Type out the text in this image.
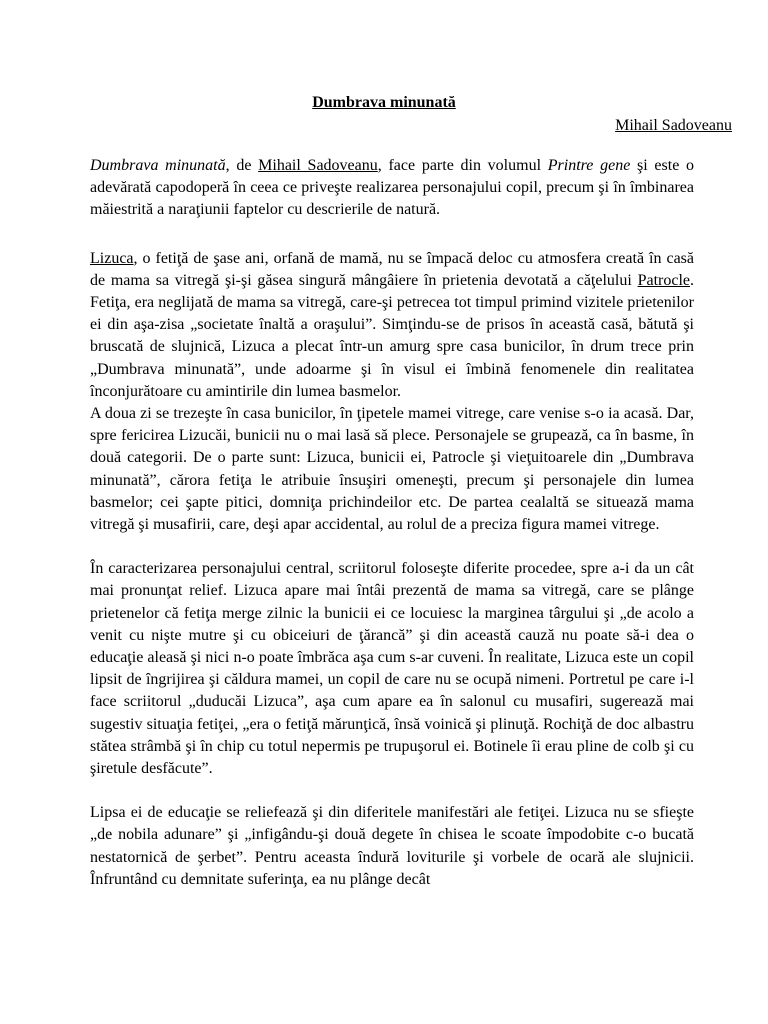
Dumbrava minunată
Mihail Sadoveanu

Dumbrava minunată, de Mihail Sadoveanu, face parte din volumul Printre gene şi este o adevărată capodoperă în ceea ce priveşte realizarea personajului copil, precum şi în îmbinarea măiestrită a naraţiunii faptelor cu descrierile de natură.

Lizuca, o fetiţă de şase ani, orfană de mamă, nu se împacă deloc cu atmosfera creată în casă de mama sa vitregă şi-şi găsea singură mângâiere în prietenia devotată a căţelului Patrocle. Fetiţa, era neglijată de mama sa vitregă, care-şi petrecea tot timpul primind vizitele prietenilor ei din aşa-zisa „societate înaltă a oraşului”. Simţindu-se de prisos în această casă, bătută şi bruscată de slujnică, Lizuca a plecat într-un amurg spre casa bunicilor, în drum trece prin „Dumbrava minunată”, unde adoarme şi în visul ei îmbină fenomenele din realitatea înconjurătoare cu amintirile din lumea basmelor.

A doua zi se trezeşte în casa bunicilor, în ţipetele mamei vitrege, care venise s-o ia acasă. Dar, spre fericirea Lizucăi, bunicii nu o mai lasă să plece. Personajele se grupează, ca în basme, în două categorii. De o parte sunt: Lizuca, bunicii ei, Patrocle şi vieţuitoarele din „Dumbrava minunată”, cărora fetiţa le atribuie însuşiri omeneşti, precum şi personajele din lumea basmelor; cei şapte pitici, domniţa prichindeilor etc. De partea cealaltă se situează mama vitregă şi musafirii, care, deşi apar accidental, au rolul de a preciza figura mamei vitrege.

În caracterizarea personajului central, scriitorul foloseşte diferite procedee, spre a-i da un cât mai pronunţat relief. Lizuca apare mai întâi prezentă de mama sa vitregă, care se plânge prietenelor că fetiţa merge zilnic la bunicii ei ce locuiesc la marginea târgului şi „de acolo a venit cu nişte mutre şi cu obiceiuri de ţărancă” şi din această cauză nu poate să-i dea o educaţie aleasă şi nici n-o poate îmbrăca aşa cum s-ar cuveni. În realitate, Lizuca este un copil lipsit de îngrijirea şi căldura mamei, un copil de care nu se ocupă nimeni. Portretul pe care i-l face scriitorul „duducăi Lizuca”, aşa cum apare ea în salonul cu musafiri, sugerează mai sugestiv situaţia fetiţei, „era o fetiţă mărunţică, însă voinică şi plinuţă. Rochiţă de doc albastru stătea strâmbă şi în chip cu totul nepermis pe trupuşorul ei. Botinele îi erau pline de colb şi cu şiretule desfăcute”.

Lipsa ei de educaţie se reliefează şi din diferitele manifestări ale fetiţei. Lizuca nu se sfieşte „de nobila adunare” şi „infigându-şi două degete în chisea le scoate împodobite c-o bucată nestatornică de şerbet”. Pentru aceasta îndură loviturile şi vorbele de ocară ale slujnicii. Înfruntând cu demnitate suferinţa, ea nu plânge decât
